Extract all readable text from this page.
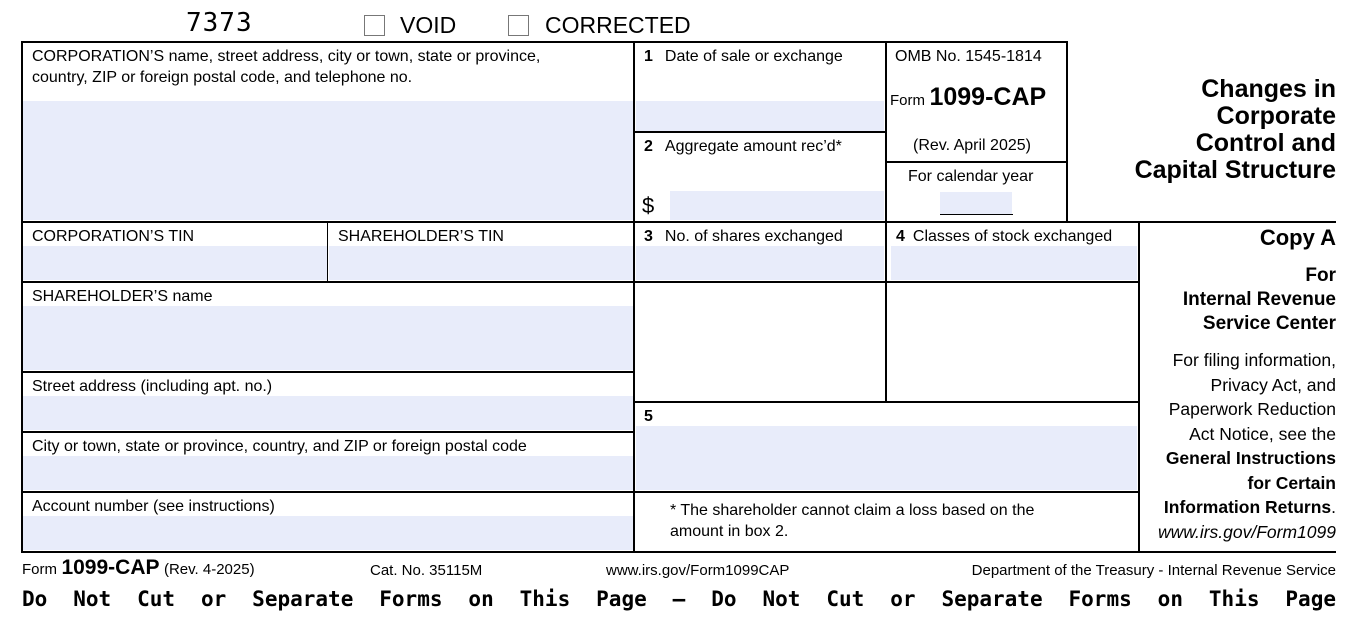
7373	VOID	CORRECTED
CORPORATION’S name, street address, city or town, state or province,
country, ZIP or foreign postal code, and telephone no.
1 Date of sale or exchange
2 Aggregate amount rec’d*
$
OMB No. 1545-1814
Form 1099-CAP
(Rev. April 2025)
For calendar year
Changes in
Corporate
Control and
Capital Structure
CORPORATION’S TIN	SHAREHOLDER’S TIN	3 No. of shares exchanged	4 Classes of stock exchanged	Copy A
For
Internal Revenue
Service Center
For filing information,
Privacy Act, and
Paperwork Reduction
Act Notice, see the
General Instructions
for Certain
Information Returns.
www.irs.gov/Form1099
SHAREHOLDER’S name
Street address (including apt. no.)
City or town, state or province, country, and ZIP or foreign postal code
Account number (see instructions)
5
* The shareholder cannot claim a loss based on the
amount in box 2.
Form 1099-CAP (Rev. 4-2025)	Cat. No. 35115M	www.irs.gov/Form1099CAP	Department of the Treasury - Internal Revenue Service
Do Not Cut or Separate Forms on This Page — Do Not Cut or Separate Forms on This Page
